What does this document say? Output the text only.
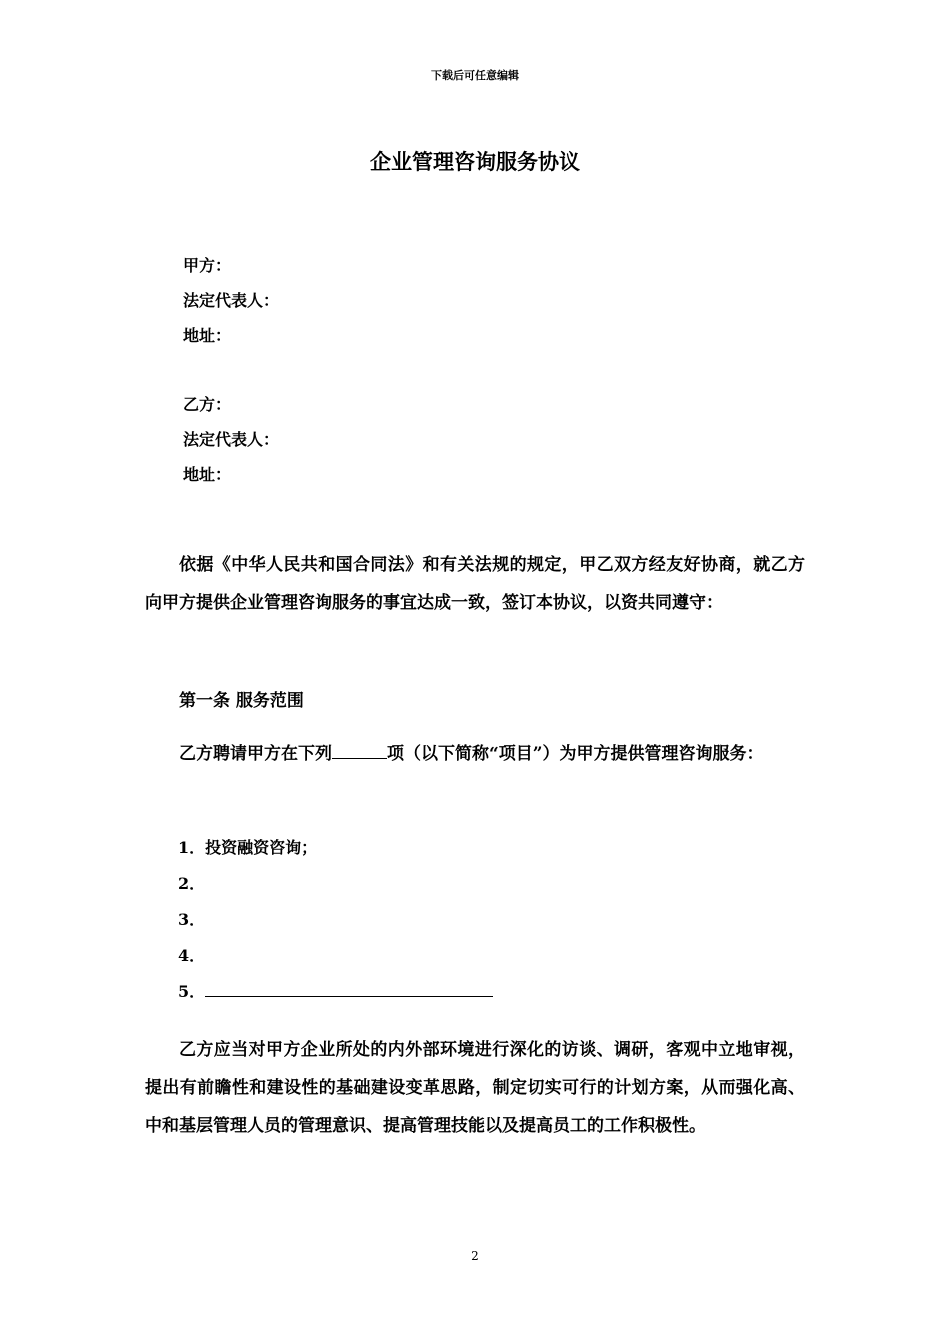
下载后可任意编辑
企业管理咨询服务协议
甲方：
法定代表人：
地址：
乙方：
法定代表人：
地址：
依据《中华人民共和国合同法》和有关法规的规定，甲乙双方经友好协商，就乙方向甲方提供企业管理咨询服务的事宜达成一致，签订本协议，以资共同遵守：
第一条 服务范围
乙方聘请甲方在下列	项（以下简称“项目”）为甲方提供管理咨询服务：
1．投资融资咨询；
2．
3．
4．
5．
乙方应当对甲方企业所处的内外部环境进行深化的访谈、调研，客观中立地审视，提出有前瞻性和建设性的基础建设变革思路，制定切实可行的计划方案，从而强化高、中和基层管理人员的管理意识、提高管理技能以及提高员工的工作积极性。
2
